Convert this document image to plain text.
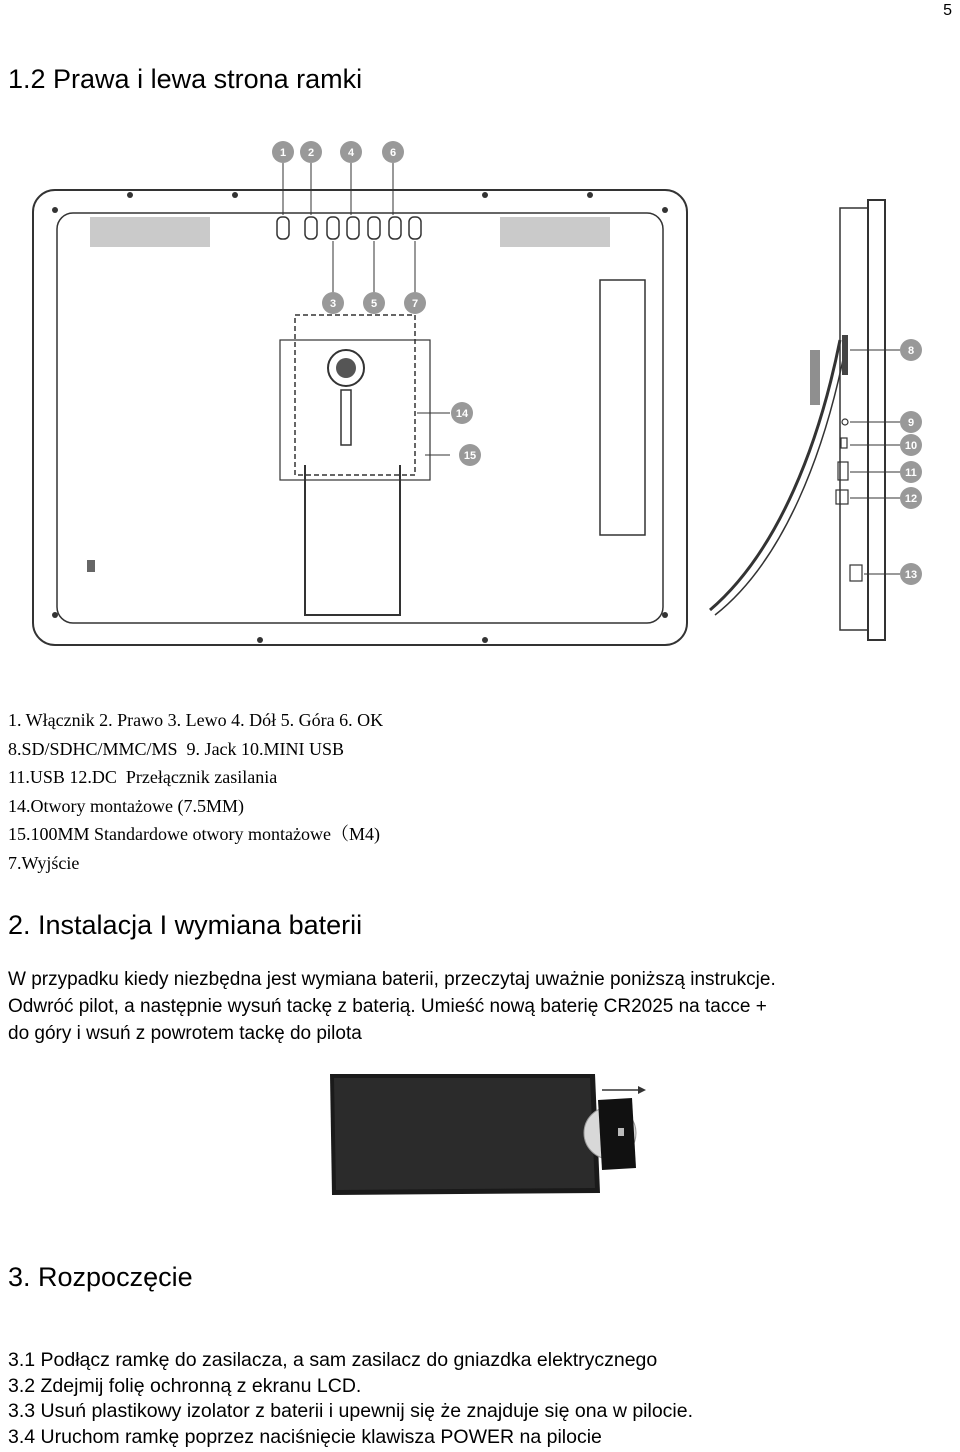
5
1.2 Prawa i lewa strona ramki
1 2	4	6
3	5	7
14
15
8
9
10
11
12
13
1. Włącznik 2. Prawo 3. Lewo 4. Dół 5. Góra 6. OK
8.SD/SDHC/MMC/MS  9. Jack 10.MINI USB
11.USB 12.DC  Przełącznik zasilania
14.Otwory montażowe (7.5MM)
15.100MM Standardowe otwory montażowe（M4)
7.Wyjście
2. Instalacja I wymiana baterii
W przypadku kiedy niezbędna jest wymiana baterii, przeczytaj uważnie poniższą instrukcje.
Odwróć pilot, a następnie wysuń tackę z baterią. Umieść nową baterię CR2025 na tacce +
do góry i wsuń z powrotem tackę do pilota
3. Rozpoczęcie
3.1 Podłącz ramkę do zasilacza, a sam zasilacz do gniazdka elektrycznego
3.2 Zdejmij folię ochronną z ekranu LCD.
3.3 Usuń plastikowy izolator z baterii i upewnij się że znajduje się ona w pilocie.
3.4 Uruchom ramkę poprzez naciśnięcie klawisza POWER na pilocie
